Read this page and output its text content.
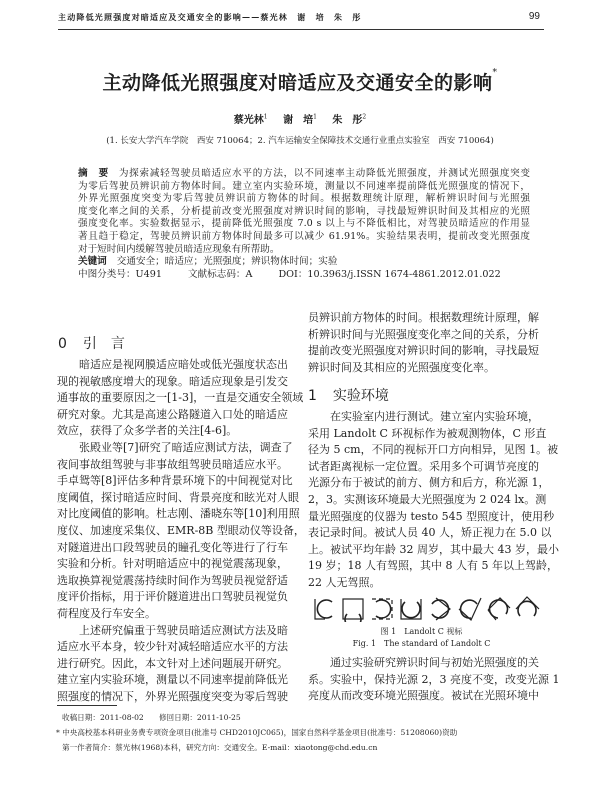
主动降低光照强度对暗适应及交通安全的影响——蔡光林　谢　培　朱　彤	99
主动降低光照强度对暗适应及交通安全的影响*
蔡光林$^1$ 谢　培$^1$ 朱　彤$^2$
(1. 长安大学汽车学院　西安 710064；2. 汽车运输安全保障技术交通行业重点实验室　西安 710064)
摘　要 为探索减轻驾驶员暗适应水平的方法，以不同速率主动降低光照强度，并测试光照强度突变
为零后驾驶员辨识前方物体时间。建立室内实验环境，测量以不同速率提前降低光照强度的情况下，
外界光照强度突变为零后驾驶员辨识前方物体的时间。根据数理统计原理，解析辨识时间与光照强
度变化率之间的关系，分析提前改变光照强度对辨识时间的影响，寻找最短辨识时间及其相应的光照
强度变化率。实验数据显示，提前降低光照强度 7.0 s 以上与不降低相比，对驾驶员暗适应的作用显
著且趋于稳定，驾驶员辨识前方物体时间最多可以减少 61.91%。实验结果表明，提前改变光照强度
对于短时间内缓解驾驶员暗适应现象有所帮助。
关键词 交通安全；暗适应；光照强度；辨识物体时间；实验
中图分类号：U491	文献标志码：A	DOI：10.3963/j.ISSN 1674-4861.2012.01.022
0 引　言
暗适应是视网膜适应暗处或低光强度状态出
现的视敏感度增大的现象。暗适应现象是引发交
通事故的重要原因之一[1-3]，一直是交通安全领域
研究对象。尤其是高速公路隧道入口处的暗适应
效应，获得了众多学者的关注[4-6]。
张殿业等[7]研究了暗适应测试方法，调查了
夜间事故组驾驶与非事故组驾驶员暗适应水平。
手卓鸳等[8]评估多种背景环境下的中间视觉对比
度阈值，探讨暗适应时间、背景亮度和眩光对人眼
对比度阈值的影响。杜志刚、潘晓东等[10]利用照
度仪、加速度采集仪、EMR-8B 型眼动仪等设备，
对隧道进出口段驾驶员的瞳孔变化等进行了行车
实验和分析。针对明暗适应中的视觉震荡现象，
选取换算视觉震荡持续时间作为驾驶员视觉舒适
度评价指标，用于评价隧道进出口驾驶员视觉负
荷程度及行车安全。
上述研究偏重于驾驶员暗适应测试方法及暗
适应水平本身，较少针对减轻暗适应水平的方法
进行研究。因此，本文针对上述问题展开研究。
建立室内实验环境，测量以不同速率提前降低光
照强度的情况下，外界光照强度突变为零后驾驶
员辨识前方物体的时间。根据数理统计原理，解
析辨识时间与光照强度变化率之间的关系，分析
提前改变光照强度对辨识时间的影响，寻找最短
辨识时间及其相应的光照强度变化率。
1 实验环境
在实验室内进行测试。建立室内实验环境，
采用 Landolt C 环视标作为被观测物体，C 形直
径为 5 cm，不同的视标开口方向相异，见图 1。被
试者距离视标一定位置。采用多个可调节亮度的
光源分布于被试的前方、侧方和后方，称光源 1，
2，3。实测该环境最大光照强度为 2 024 lx。测
量光照强度的仪器为 testo 545 型照度计，使用秒
表记录时间。被试人员 40 人，矫正视力在 5.0 以
上。被试平均年龄 32 周岁，其中最大 43 岁，最小
19 岁；18 人有驾照，其中 8 人有 5 年以上驾龄，
22 人无驾照。
图 1　Landolt C 视标
Fig. 1　The standard of Landolt C
通过实验研究辨识时间与初始光照强度的关
系。实验中，保持光源 2，3 亮度不变，改变光源 1
亮度从而改变环境光照强度。被试在光照环境中
收稿日期：2011-08-02　　修回日期：2011-10-25
* 中央高校基本科研业务费专项资金项目(批准号 CHD2010JC065)，国家自然科学基金项目(批准号：51208060)资助
第一作者简介：蔡光林(1968)本科，研究方向：交通安全。E-mail：xiaotong@chd.edu.cn
